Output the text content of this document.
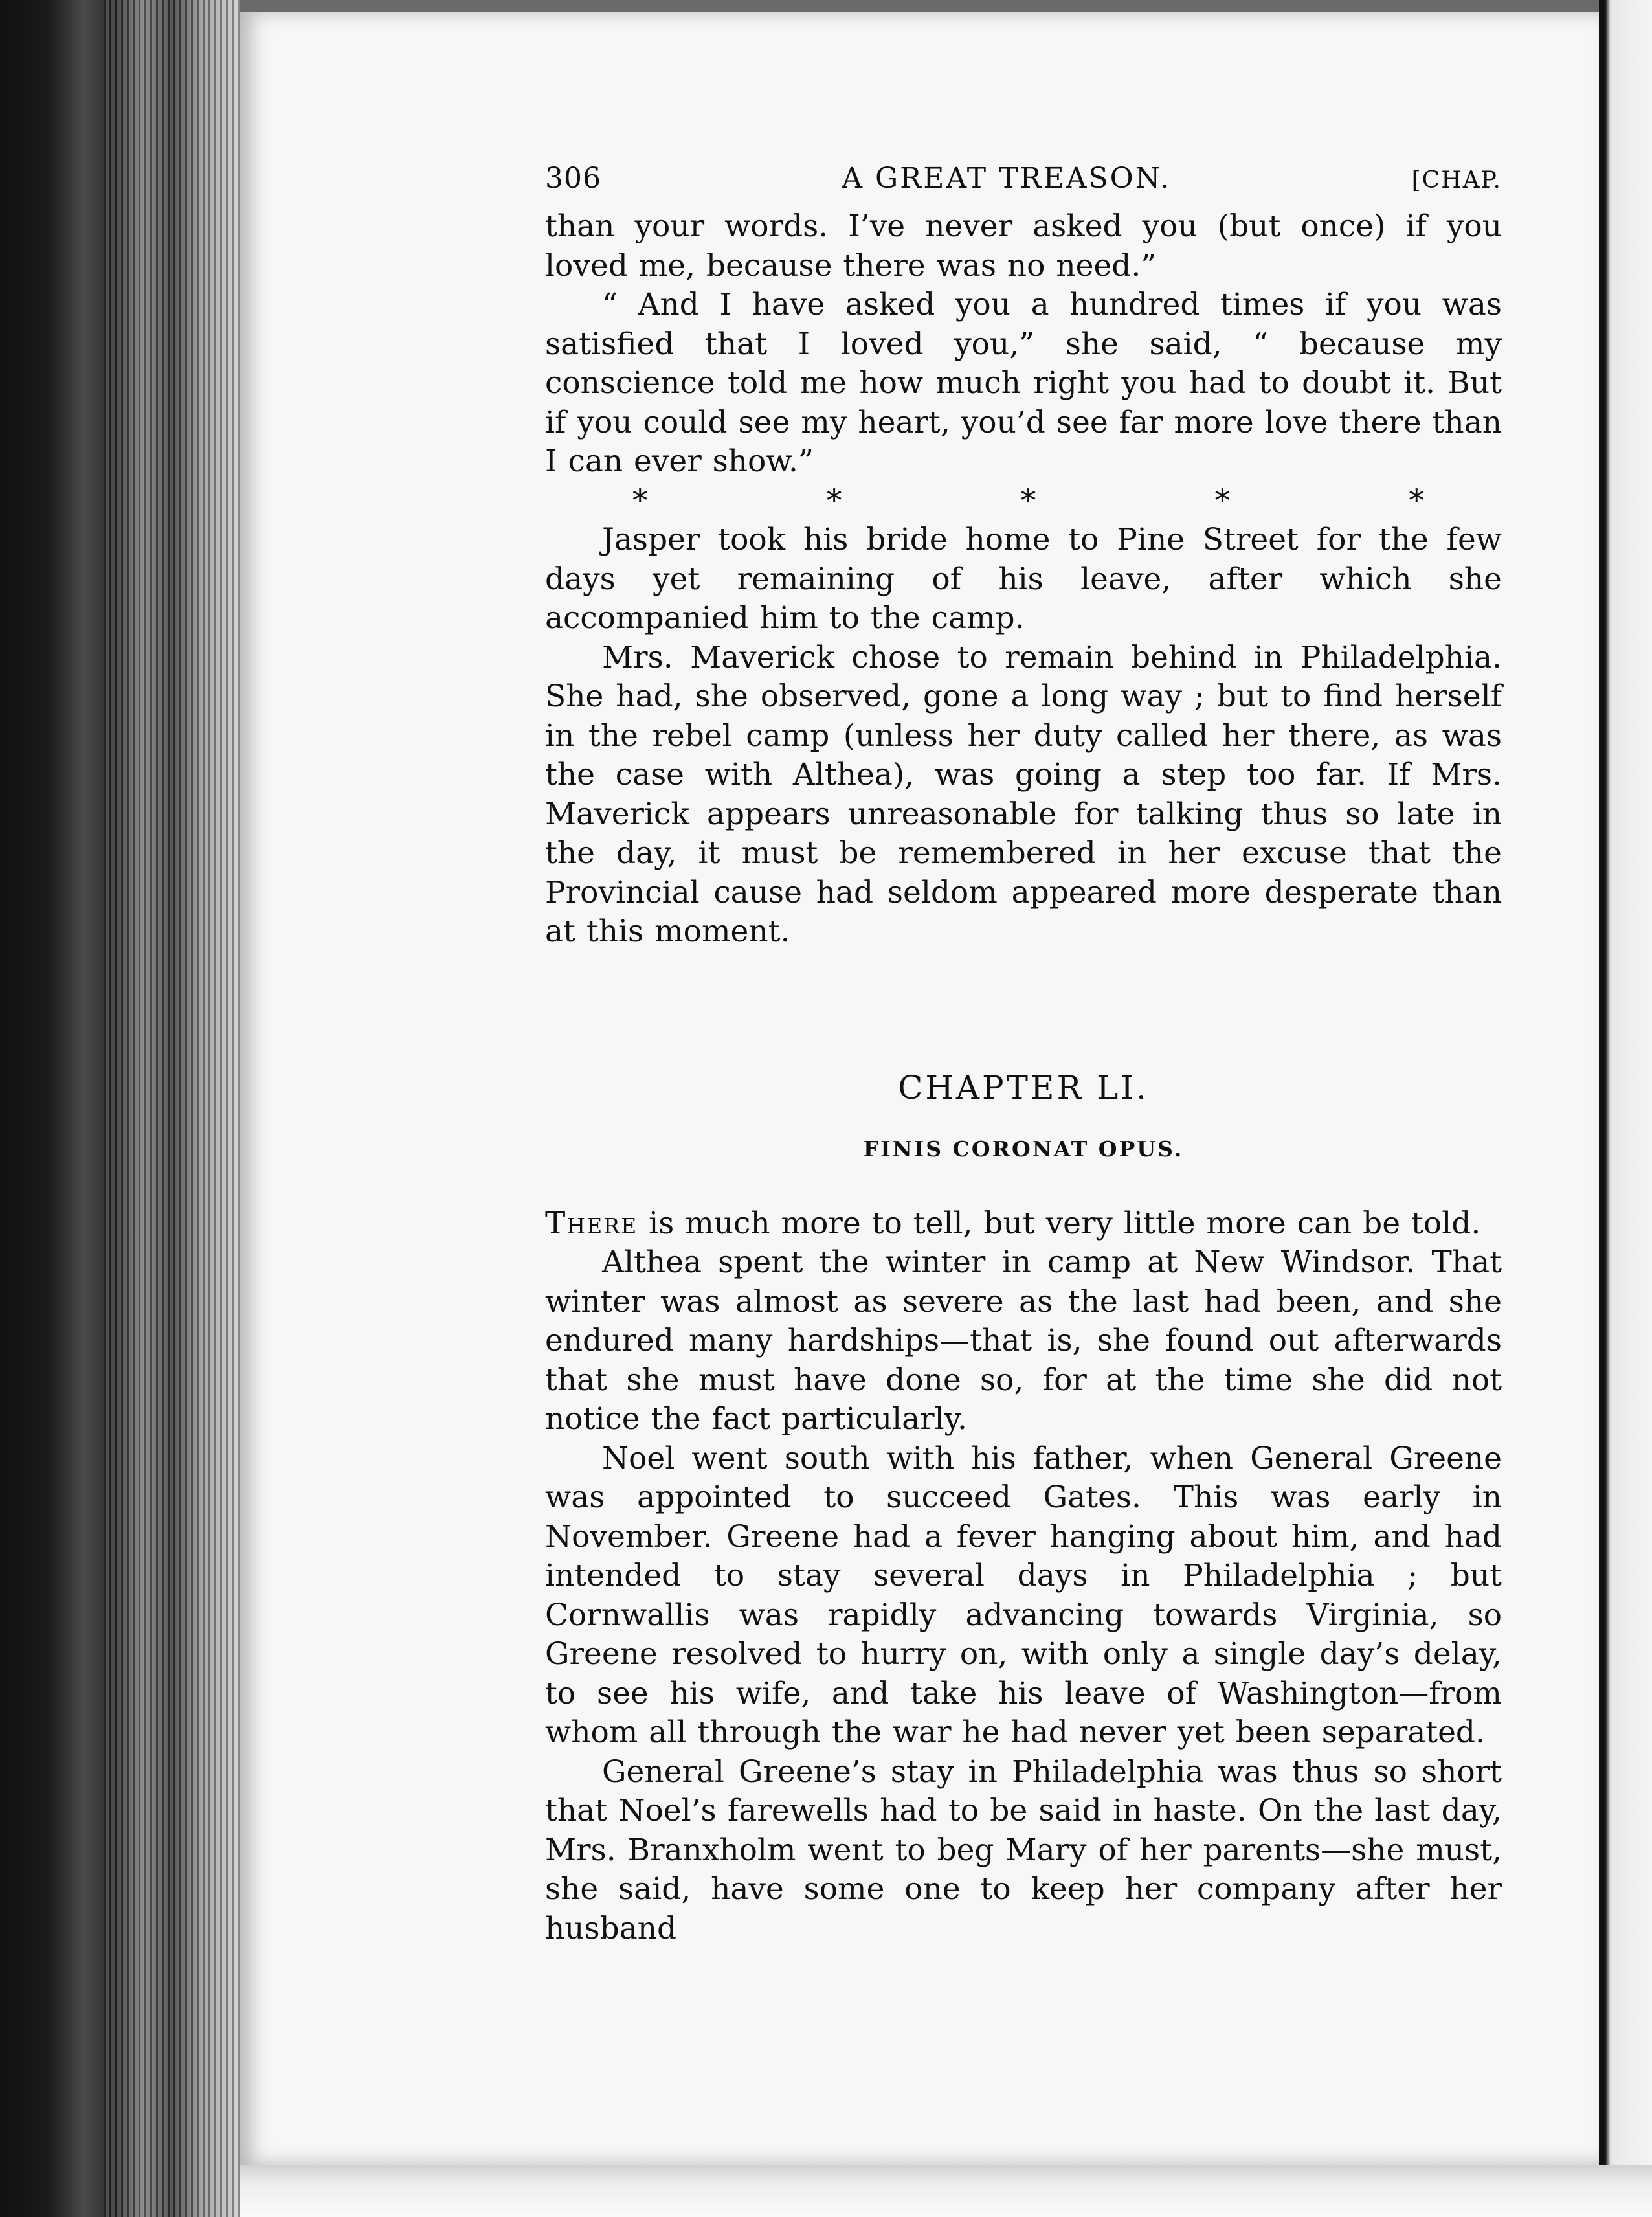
306	A GREAT TREASON.	[CHAP.

than your words. I’ve never asked you (but once) if you loved me, because there was no need.”

“ And I have asked you a hundred times if you was satisfied that I loved you,” she said, “ because my conscience told me how much right you had to doubt it. But if you could see my heart, you’d see far more love there than I can ever show.”

*	*	*	*	*

Jasper took his bride home to Pine Street for the few days yet remaining of his leave, after which she accompanied him to the camp.

Mrs. Maverick chose to remain behind in Philadelphia. She had, she observed, gone a long way ; but to find herself in the rebel camp (unless her duty called her there, as was the case with Althea), was going a step too far. If Mrs. Maverick appears unreasonable for talking thus so late in the day, it must be remembered in her excuse that the Provincial cause had seldom appeared more desperate than at this moment.

CHAPTER LI.
FINIS CORONAT OPUS.

There is much more to tell, but very little more can be told.

Althea spent the winter in camp at New Windsor. That winter was almost as severe as the last had been, and she endured many hardships—that is, she found out afterwards that she must have done so, for at the time she did not notice the fact particularly.

Noel went south with his father, when General Greene was appointed to succeed Gates. This was early in November. Greene had a fever hanging about him, and had intended to stay several days in Philadelphia ; but Cornwallis was rapidly advancing towards Virginia, so Greene resolved to hurry on, with only a single day’s delay, to see his wife, and take his leave of Washington—from whom all through the war he had never yet been separated.

General Greene’s stay in Philadelphia was thus so short that Noel’s farewells had to be said in haste. On the last day, Mrs. Branxholm went to beg Mary of her parents—she must, she said, have some one to keep her company after her husband
